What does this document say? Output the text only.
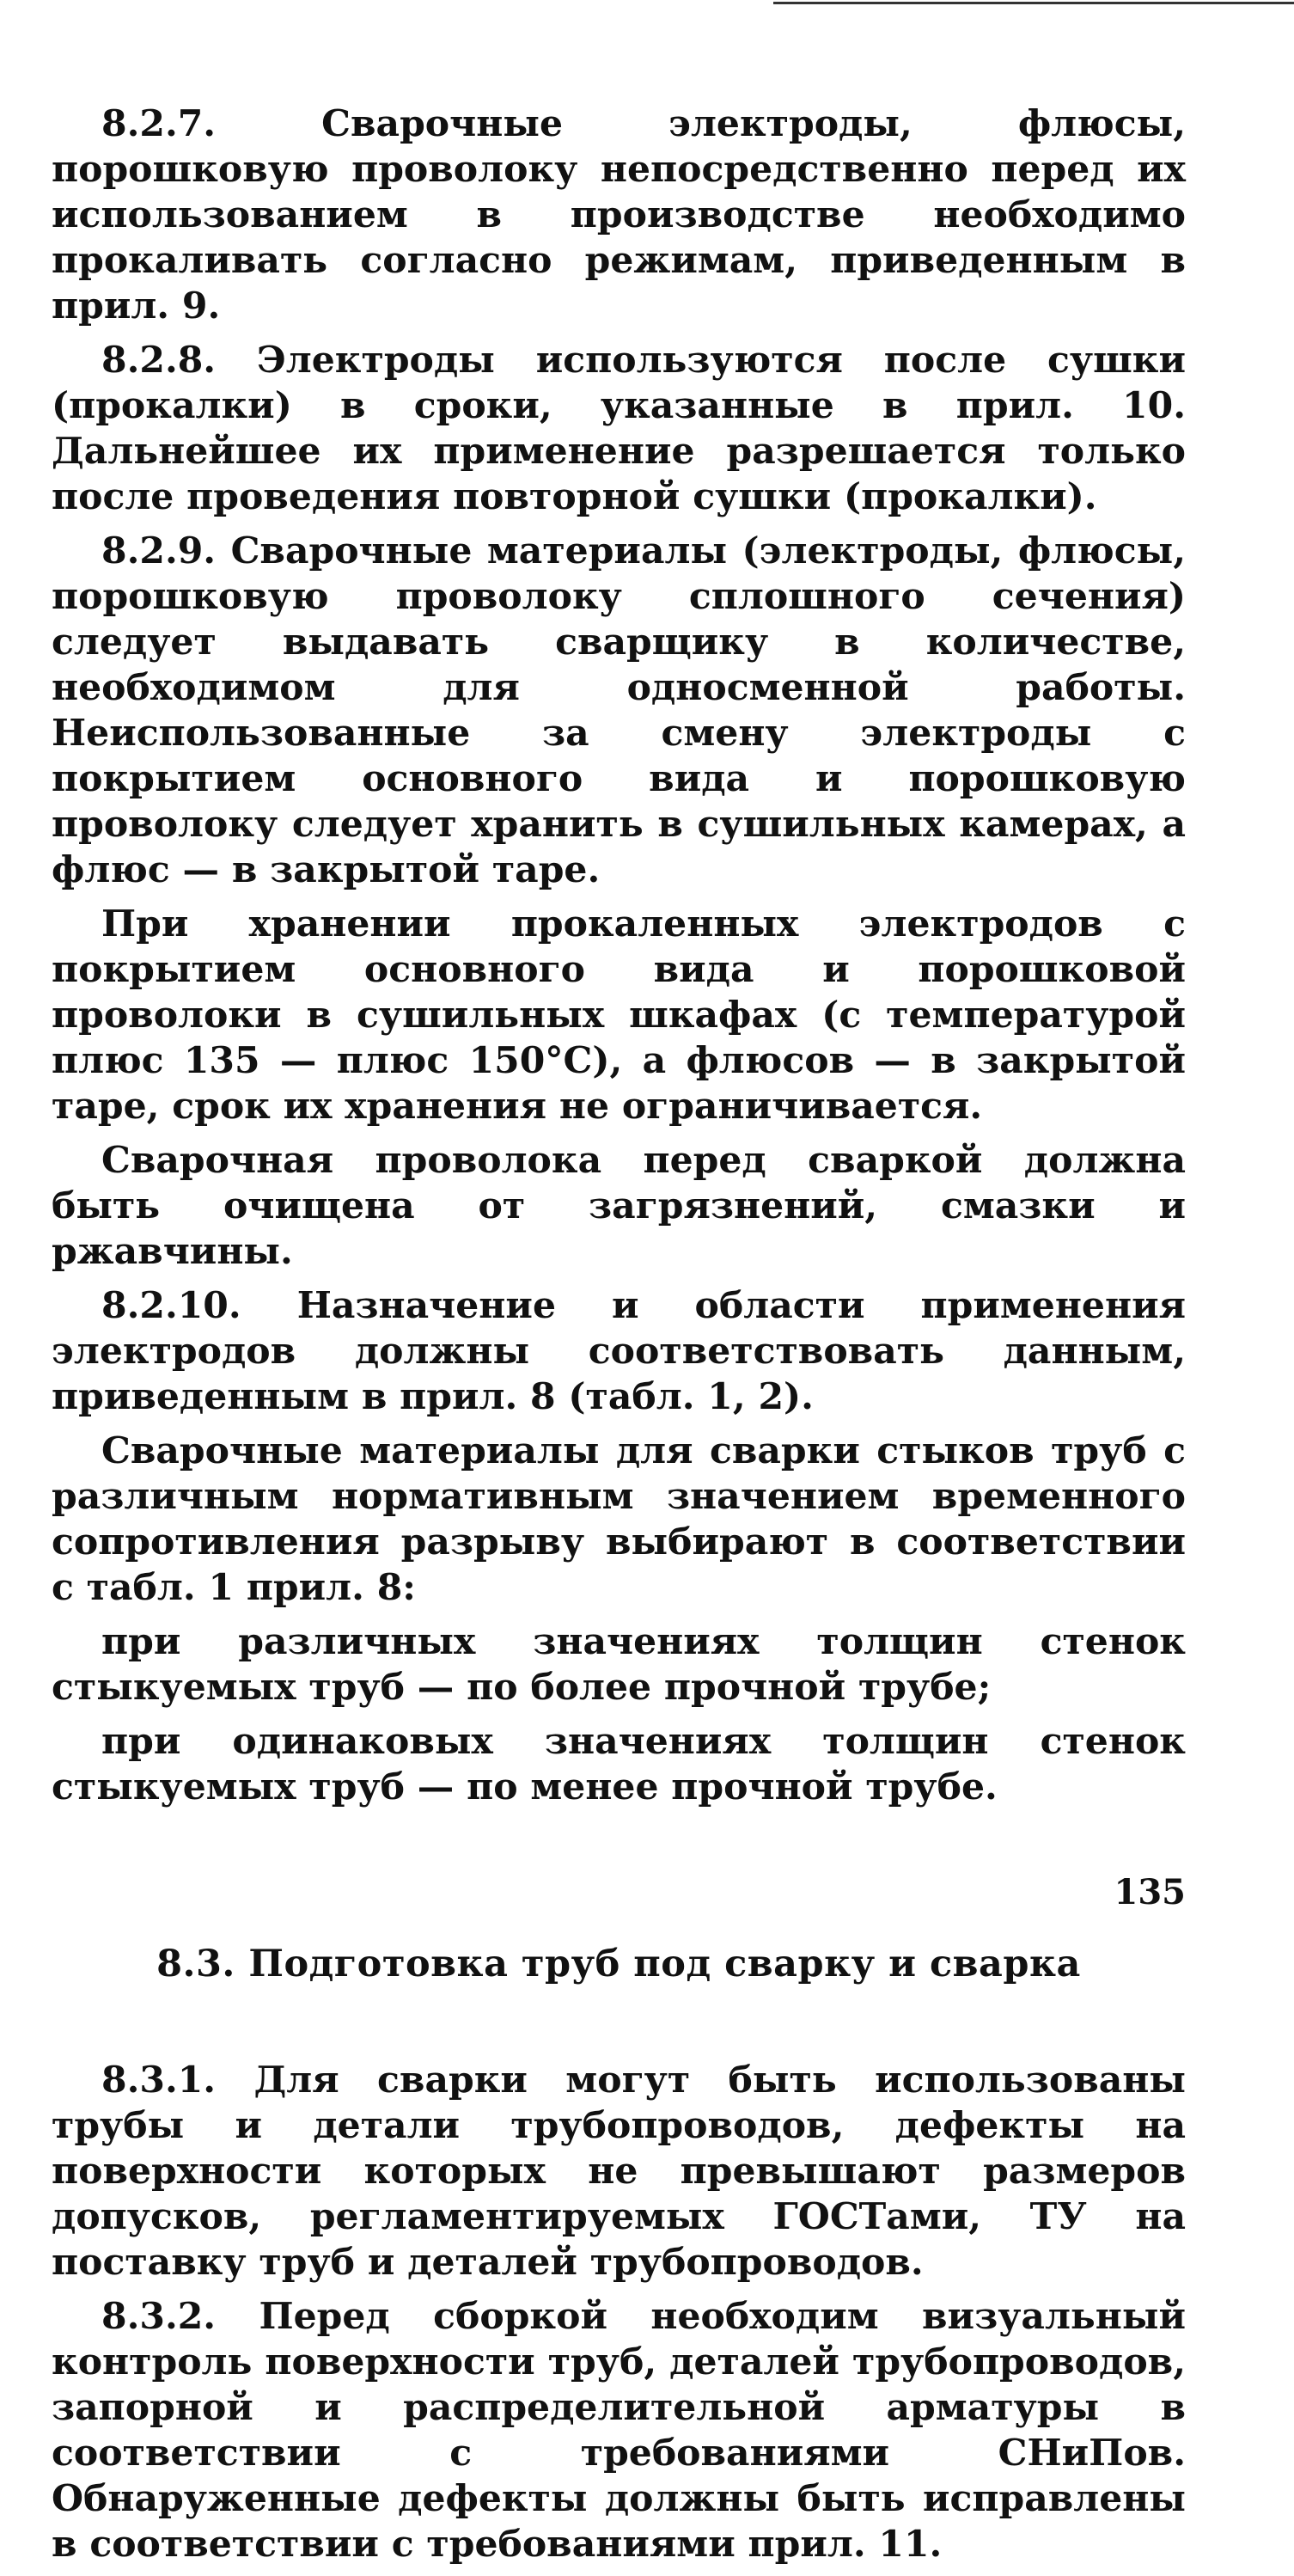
8.2.7. Сварочные электроды, флюсы, порошковую проволоку непосредственно перед их использованием в производстве необходимо прокаливать согласно режимам, приведенным в прил. 9.

8.2.8. Электроды используются после сушки (прокалки) в сроки, указанные в прил. 10. Дальнейшее их применение разрешается только после проведения повторной сушки (прокалки).

8.2.9. Сварочные материалы (электроды, флюсы, порошковую проволоку сплошного сечения) следует выдавать сварщику в количестве, необходимом для односменной работы. Неиспользованные за смену электроды с покрытием основного вида и порошковую проволоку следует хранить в сушильных камерах, а флюс — в закрытой таре.

При хранении прокаленных электродов с покрытием основного вида и порошковой проволоки в сушильных шкафах (с температурой плюс 135 — плюс 150°С), а флюсов — в закрытой таре, срок их хранения не ограничивается.

Сварочная проволока перед сваркой должна быть очищена от загрязнений, смазки и ржавчины.

8.2.10. Назначение и области применения электродов должны соответствовать данным, приведенным в прил. 8 (табл. 1, 2).

Сварочные материалы для сварки стыков труб с различным нормативным значением временного сопротивления разрыву выбирают в соответствии с табл. 1 прил. 8:

при различных значениях толщин стенок стыкуемых труб — по более прочной трубе;

при одинаковых значениях толщин стенок стыкуемых труб — по менее прочной трубе.

8.3. Подготовка труб под сварку и сварка

8.3.1. Для сварки могут быть использованы трубы и детали трубопроводов, дефекты на поверхности которых не превышают размеров допусков, регламентируемых ГОСТами, ТУ на поставку труб и деталей трубопроводов.

8.3.2. Перед сборкой необходим визуальный контроль поверхности труб, деталей трубопроводов, запорной и распределительной арматуры в соответствии с требованиями СНиПов. Обнаруженные дефекты должны быть исправлены в соответствии с требованиями прил. 11.

135
